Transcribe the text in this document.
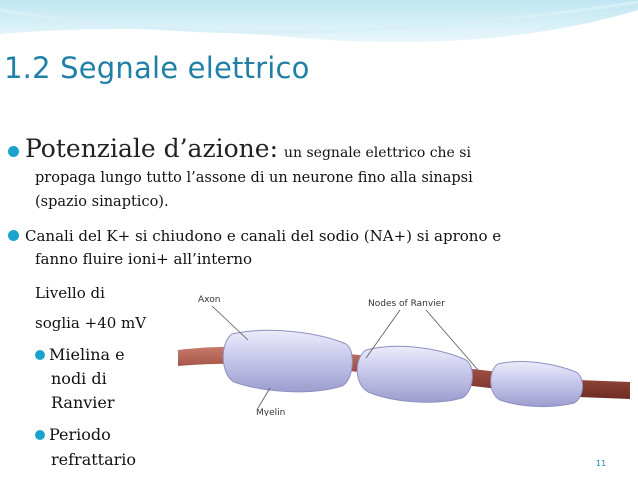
1.2 Segnale elettrico
Potenziale d’azione: un segnale elettrico che si
propaga lungo tutto l’assone di un neurone fino alla sinapsi
(spazio sinaptico).
Canali del K+ si chiudono e canali del sodio (NA+) si aprono e
fanno fluire ioni+ all’interno
Livello di
soglia +40 mV
Mielina e
nodi di
Ranvier
Periodo
refrattario
Axon	Nodes of Ranvier
Myelin
11
